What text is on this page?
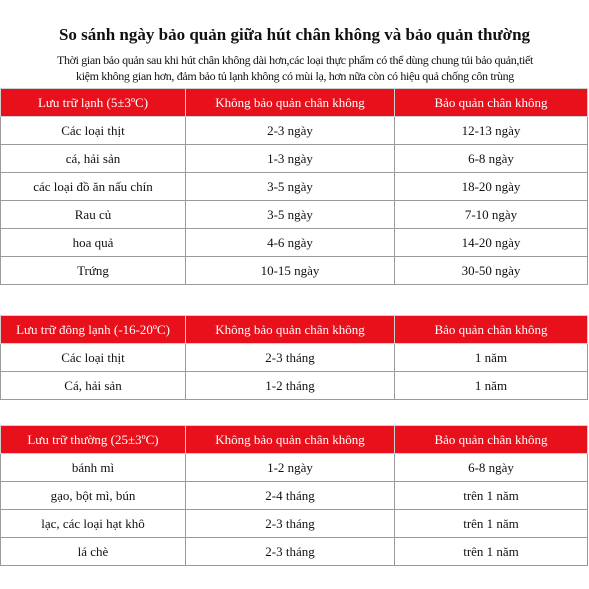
So sánh ngày bảo quản giữa hút chân không và bảo quản thường
Thời gian bảo quản sau khi hút chân không dài hơn,các loại thực phẩm có thể dùng chung túi bảo quản,tiết
kiệm không gian hơn, đảm bảo tủ lạnh không có mùi lạ, hơn nữa còn có hiệu quả chống côn trùng
Lưu trữ lạnh (5±3ºC)	Không bảo quản chân không	Bảo quản chân không
Các loại thịt	2-3 ngày	12-13 ngày
cá, hải sản	1-3 ngày	6-8 ngày
các loại đồ ăn nấu chín	3-5 ngày	18-20 ngày
Rau củ	3-5 ngày	7-10 ngày
hoa quả	4-6 ngày	14-20 ngày
Trứng	10-15 ngày	30-50 ngày
Lưu trữ đông lạnh (-16-20ºC)	Không bảo quản chân không	Bảo quản chân không
Các loại thịt	2-3 tháng	1 năm
Cá, hải sản	1-2 tháng	1 năm
Lưu trữ thường (25±3ºC)	Không bảo quản chân không	Bảo quản chân không
bánh mì	1-2 ngày	6-8 ngày
gạo, bột mì, bún	2-4 tháng	trên 1 năm
lạc, các loại hạt khô	2-3 tháng	trên 1 năm
lá chè	2-3 tháng	trên 1 năm
